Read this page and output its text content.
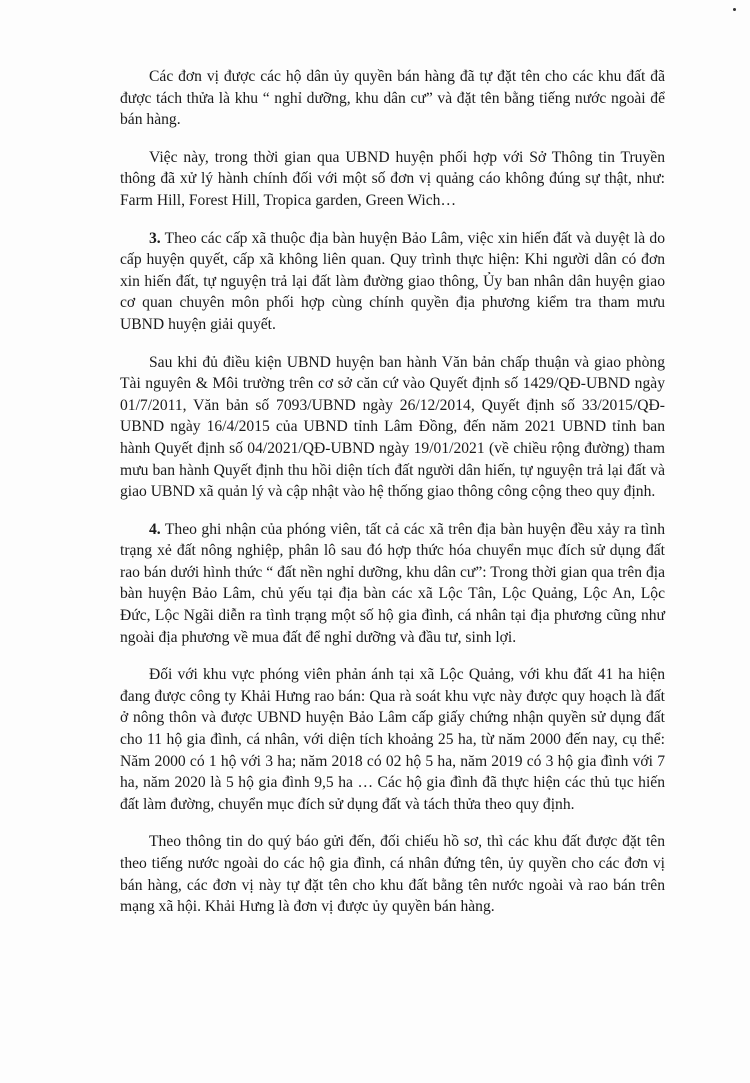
Các đơn vị được các hộ dân ủy quyền bán hàng đã tự đặt tên cho các khu đất đã được tách thửa là khu “ nghỉ dưỡng, khu dân cư” và đặt tên bằng tiếng nước ngoài để bán hàng.

Việc này, trong thời gian qua UBND huyện phối hợp với Sở Thông tin Truyền thông đã xử lý hành chính đối với một số đơn vị quảng cáo không đúng sự thật, như: Farm Hill, Forest Hill, Tropica garden, Green Wich…

3. Theo các cấp xã thuộc địa bàn huyện Bảo Lâm, việc xin hiến đất và duyệt là do cấp huyện quyết, cấp xã không liên quan. Quy trình thực hiện: Khi người dân có đơn xin hiến đất, tự nguyện trả lại đất làm đường giao thông, Ủy ban nhân dân huyện giao cơ quan chuyên môn phối hợp cùng chính quyền địa phương kiểm tra tham mưu UBND huyện giải quyết.

Sau khi đủ điều kiện UBND huyện ban hành Văn bản chấp thuận và giao phòng Tài nguyên & Môi trường trên cơ sở căn cứ vào Quyết định số 1429/QĐ-UBND ngày 01/7/2011, Văn bản số 7093/UBND ngày 26/12/2014, Quyết định số 33/2015/QĐ-UBND ngày 16/4/2015 của UBND tỉnh Lâm Đồng, đến năm 2021 UBND tỉnh ban hành Quyết định số 04/2021/QĐ-UBND ngày 19/01/2021 (về chiều rộng đường) tham mưu ban hành Quyết định thu hồi diện tích đất người dân hiến, tự nguyện trả lại đất và giao UBND xã quản lý và cập nhật vào hệ thống giao thông công cộng theo quy định.

4. Theo ghi nhận của phóng viên, tất cả các xã trên địa bàn huyện đều xảy ra tình trạng xẻ đất nông nghiệp, phân lô sau đó hợp thức hóa chuyển mục đích sử dụng đất rao bán dưới hình thức “ đất nền nghỉ dưỡng, khu dân cư”: Trong thời gian qua trên địa bàn huyện Bảo Lâm, chủ yếu tại địa bàn các xã Lộc Tân, Lộc Quảng, Lộc An, Lộc Đức, Lộc Ngãi diễn ra tình trạng một số hộ gia đình, cá nhân tại địa phương cũng như ngoài địa phương về mua đất để nghỉ dưỡng và đầu tư, sinh lợi.

Đối với khu vực phóng viên phản ánh tại xã Lộc Quảng, với khu đất 41 ha hiện đang được công ty Khải Hưng rao bán: Qua rà soát khu vực này được quy hoạch là đất ở nông thôn và được UBND huyện Bảo Lâm cấp giấy chứng nhận quyền sử dụng đất cho 11 hộ gia đình, cá nhân, với diện tích khoảng 25 ha, từ năm 2000 đến nay, cụ thể: Năm 2000 có 1 hộ với 3 ha; năm 2018 có 02 hộ 5 ha, năm 2019 có 3 hộ gia đình với 7 ha, năm 2020 là 5 hộ gia đình 9,5 ha … Các hộ gia đình đã thực hiện các thủ tục hiến đất làm đường, chuyển mục đích sử dụng đất và tách thửa theo quy định.

Theo thông tin do quý báo gửi đến, đối chiếu hồ sơ, thì các khu đất được đặt tên theo tiếng nước ngoài do các hộ gia đình, cá nhân đứng tên, ủy quyền cho các đơn vị bán hàng, các đơn vị này tự đặt tên cho khu đất bằng tên nước ngoài và rao bán trên mạng xã hội. Khải Hưng là đơn vị được ủy quyền bán hàng.
